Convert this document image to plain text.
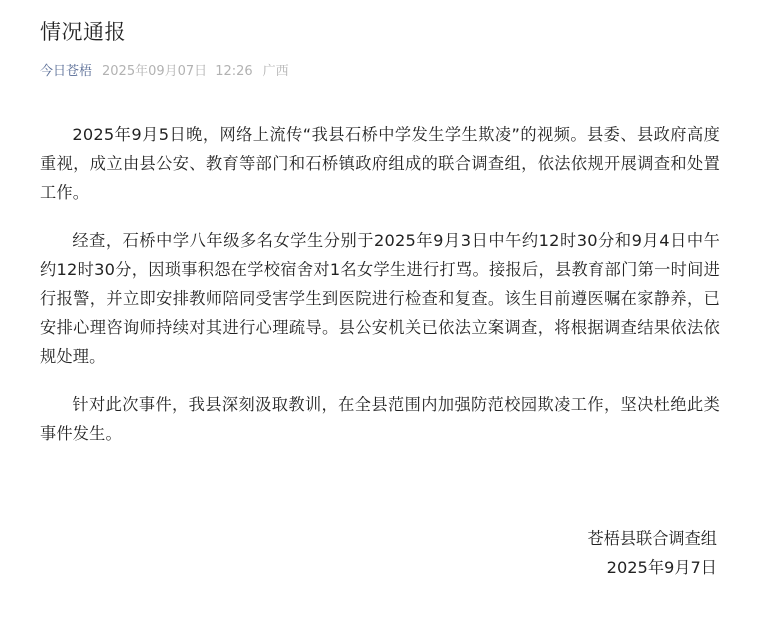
情况通报
今日苍梧 2025年09月07日 12:26 广西

2025年9月5日晚，网络上流传“我县石桥中学发生学生欺凌”的视频。县委、县政府高度重视，成立由县公安、教育等部门和石桥镇政府组成的联合调查组，依法依规开展调查和处置工作。

经查，石桥中学八年级多名女学生分别于2025年9月3日中午约12时30分和9月4日中午约12时30分，因琐事积怨在学校宿舍对1名女学生进行打骂。接报后，县教育部门第一时间进行报警，并立即安排教师陪同受害学生到医院进行检查和复查。该生目前遵医嘱在家静养，已安排心理咨询师持续对其进行心理疏导。县公安机关已依法立案调查，将根据调查结果依法依规处理。

针对此次事件，我县深刻汲取教训，在全县范围内加强防范校园欺凌工作，坚决杜绝此类事件发生。

苍梧县联合调查组
2025年9月7日
